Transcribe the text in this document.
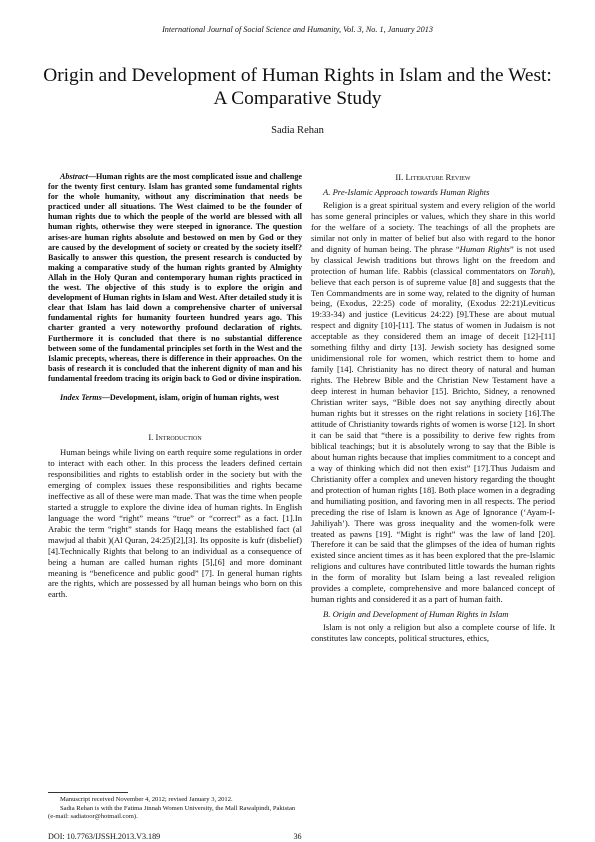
International Journal of Social Science and Humanity, Vol. 3, No. 1, January 2013
Origin and Development of Human Rights in Islam and the West: A Comparative Study
Sadia Rehan

Abstract—Human rights are the most complicated issue and challenge for the twenty first century. Islam has granted some fundamental rights for the whole humanity, without any discrimination that needs be practiced under all situations. The West claimed to be the founder of human rights due to which the people of the world are blessed with all human rights, otherwise they were steeped in ignorance. The question arises-are human rights absolute and bestowed on men by God or they are caused by the development of society or created by the society itself? Basically to answer this question, the present research is conducted by making a comparative study of the human rights granted by Almighty Allah in the Holy Quran and contemporary human rights practiced in the west. The objective of this study is to explore the origin and development of Human rights in Islam and West. After detailed study it is clear that Islam has laid down a comprehensive charter of universal fundamental rights for humanity fourteen hundred years ago. This charter granted a very noteworthy profound declaration of rights. Furthermore it is concluded that there is no substantial difference between some of the fundamental principles set forth in the West and the Islamic precepts, whereas, there is difference in their approaches. On the basis of research it is concluded that the inherent dignity of man and his fundamental freedom tracing its origin back to God or divine inspiration.

Index Terms—Development, islam, origin of human rights, west

I. Introduction

Human beings while living on earth require some regulations in order to interact with each other. In this process the leaders defined certain responsibilities and rights to establish order in the society but with the emerging of complex issues these responsibilities and rights became ineffective as all of these were man made. That was the time when people started a struggle to explore the divine idea of human rights. In English language the word “right” means “true” or “correct” as a fact. [1].In Arabic the term “right” stands for Haqq means the established fact (al mawjud al thabit )(Al Quran, 24:25)[2],[3]. Its opposite is kufr (disbelief) [4].Technically Rights that belong to an individual as a consequence of being a human are called human rights [5],[6] and more dominant meaning is “beneficence and public good” [7]. In general human rights are the rights, which are possessed by all human beings who born on this earth.

II. Literature Review

A. Pre-Islamic Approach towards Human Rights

Religion is a great spiritual system and every religion of the world has some general principles or values, which they share in this world for the welfare of a society. The teachings of all the prophets are similar not only in matter of belief but also with regard to the honor and dignity of human being. The phrase “Human Rights” is not used by classical Jewish traditions but throws light on the freedom and protection of human life. Rabbis (classical commentators on Torah), believe that each person is of supreme value [8] and suggests that the Ten Commandments are in some way, related to the dignity of human being, (Exodus, 22:25) code of morality, (Exodus 22:21)Leviticus 19:33-34) and justice (Leviticus 24:22) [9].These are about mutual respect and dignity [10]-[11]. The status of women in Judaism is not acceptable as they considered them an image of deceit [12]-[11] something filthy and dirty [13]. Jewish society has designed some unidimensional role for women, which restrict them to home and family [14]. Christianity has no direct theory of natural and human rights. The Hebrew Bible and the Christian New Testament have a deep interest in human behavior [15]. Brichto, Sidney, a renowned Christian writer says, “Bible does not say anything directly about human rights but it stresses on the right relations in society [16].The attitude of Christianity towards rights of women is worse [12]. In short it can be said that “there is a possibility to derive few rights from biblical teachings; but it is absolutely wrong to say that the Bible is about human rights because that implies commitment to a concept and a way of thinking which did not then exist” [17].Thus Judaism and Christianity offer a complex and uneven history regarding the thought and protection of human rights [18]. Both place women in a degrading and humiliating position, and favoring men in all respects. The period preceding the rise of Islam is known as Age of Ignorance (‘Ayam-I-Jahiliyah’). There was gross inequality and the women-folk were treated as pawns [19]. “Might is right” was the law of land [20]. Therefore it can be said that the glimpses of the idea of human rights existed since ancient times as it has been explored that the pre-Islamic religions and cultures have contributed little towards the human rights in the form of morality but Islam being a last revealed religion provides a complete, comprehensive and more balanced concept of human rights and considered it as a part of human faith.

B. Origin and Development of Human Rights in Islam

Islam is not only a religion but also a complete course of life. It constitutes law concepts, political structures, ethics,

Manuscript received November 4, 2012; revised January 3, 2012.

Sadia Rehan is with the Fatima Jinnah Women University, the Mall Rawalpindi, Pakistan (e-mail: sadiatoor@hotmail.com).

DOI: 10.7763/IJSSH.2013.V3.189	36
